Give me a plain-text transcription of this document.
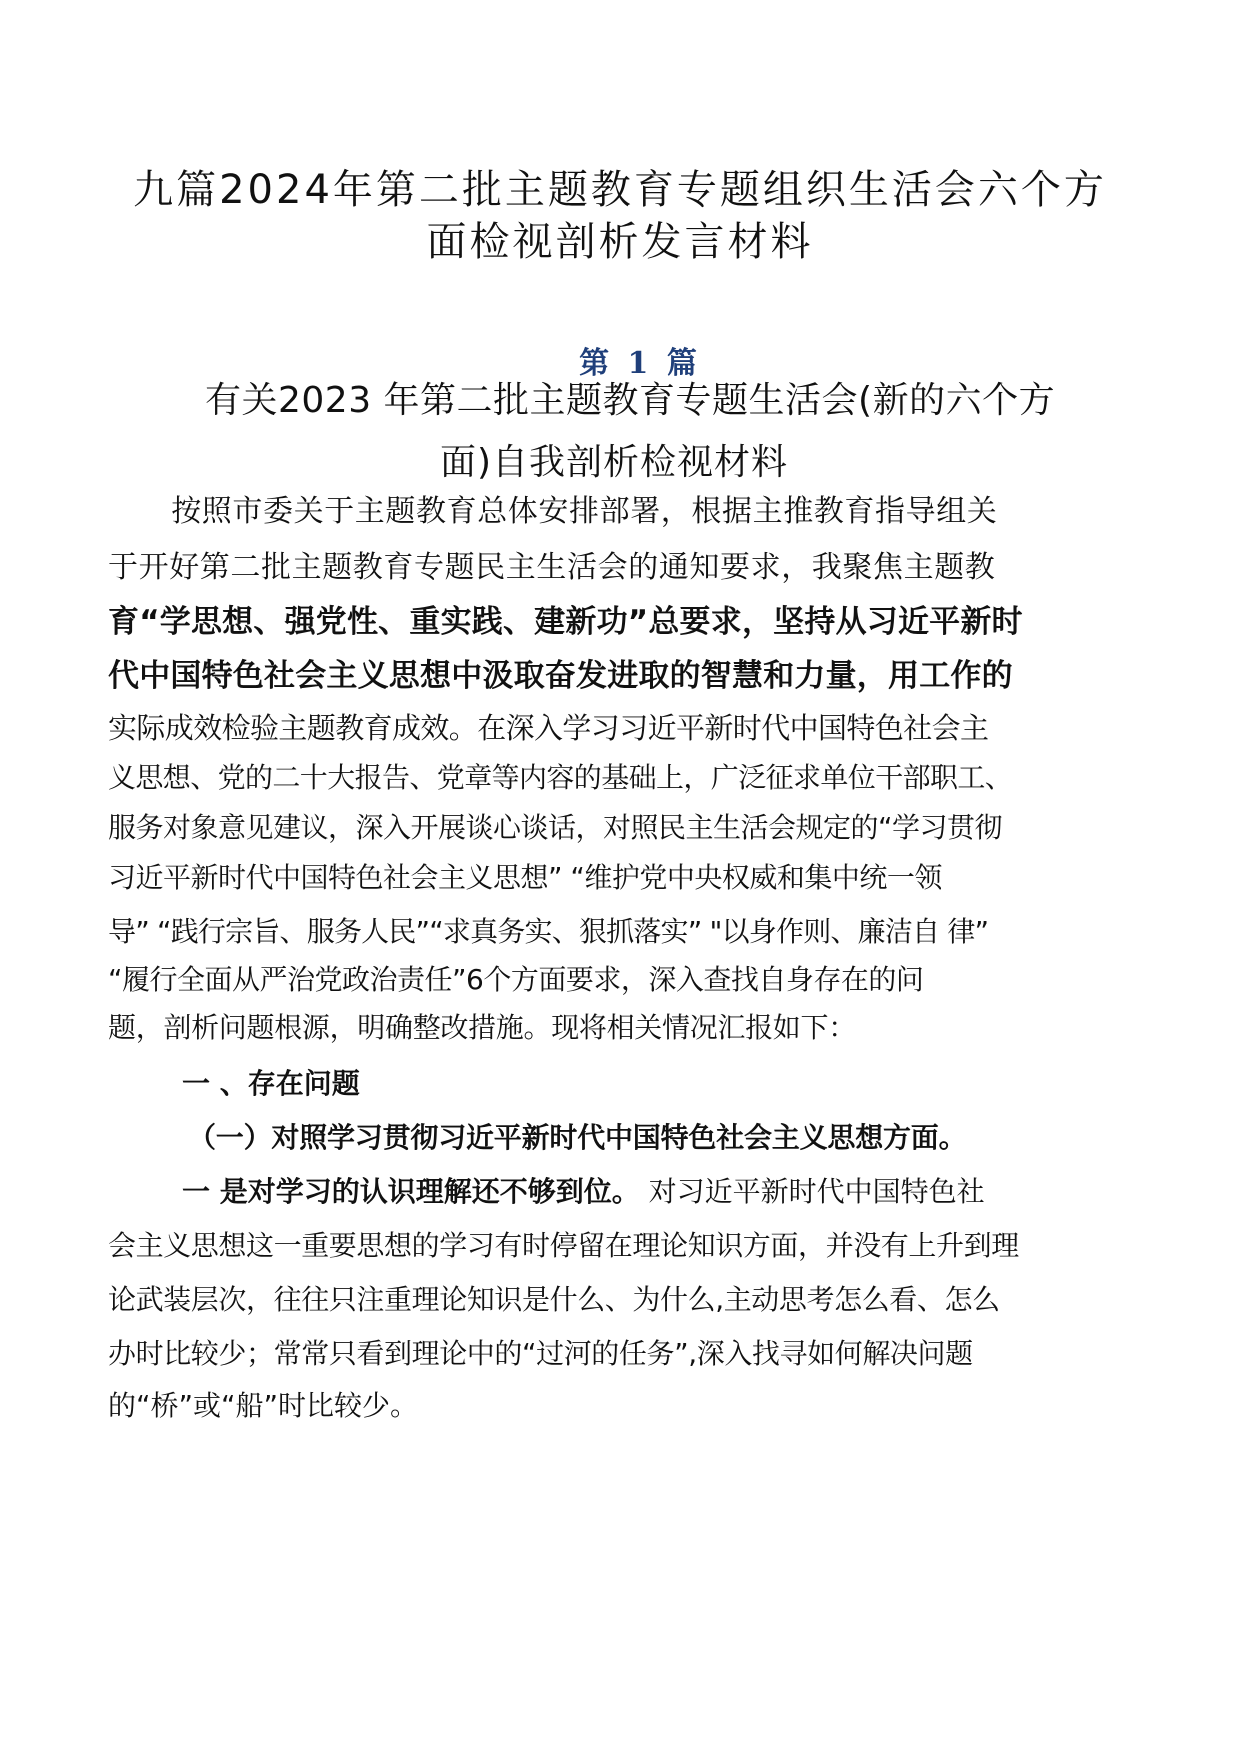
九篇2024年第二批主题教育专题组织生活会六个方
面检视剖析发言材料
第 1 篇
有关2023 年第二批主题教育专题生活会(新的六个方
面)自我剖析检视材料

　　按照市委关于主题教育总体安排部署，根据主推教育指导组关

于开好第二批主题教育专题民主生活会的通知要求，我聚焦主题教

育“学思想、强党性、重实践、建新功”总要求，坚持从习近平新时

代中国特色社会主义思想中汲取奋发进取的智慧和力量，用工作的

实际成效检验主题教育成效。在深入学习习近平新时代中国特色社会主

义思想、党的二十大报告、党章等内容的基础上，广泛征求单位干部职工、

服务对象意见建议，深入开展谈心谈话，对照民主生活会规定的“学习贯彻

习近平新时代中国特色社会主义思想” “维护党中央权威和集中统一领

导” “践行宗旨、服务人民”“求真务实、狠抓落实” "以身作则、廉洁自 律”

“履行全面从严治党政治责任”6个方面要求，深入查找自身存在的问

题，剖析问题根源，明确整改措施。现将相关情况汇报如下：

一 、存在问题

（一）对照学习贯彻习近平新时代中国特色社会主义思想方面。

一 是对学习的认识理解还不够到位。 对习近平新时代中国特色社

会主义思想这一重要思想的学习有时停留在理论知识方面，并没有上升到理

论武装层次，往往只注重理论知识是什么、为什么,主动思考怎么看、怎么

办时比较少；常常只看到理论中的“过河的任务”,深入找寻如何解决问题

的“桥”或“船”时比较少。
